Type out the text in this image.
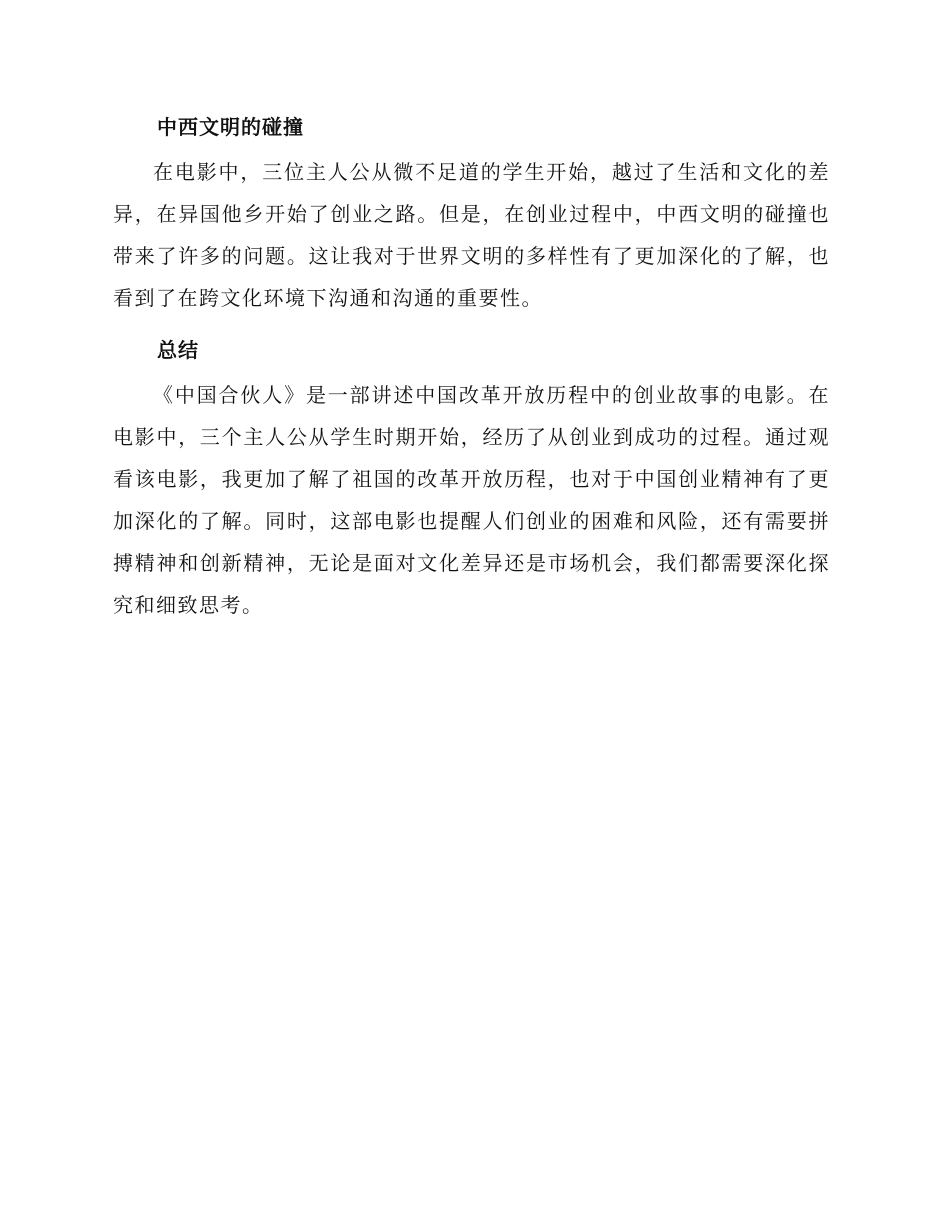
中西文明的碰撞

在电影中，三位主人公从微不足道的学生开始，越过了生活和文化的差异，在异国他乡开始了创业之路。但是，在创业过程中，中西文明的碰撞也带来了许多的问题。这让我对于世界文明的多样性有了更加深化的了解，也看到了在跨文化环境下沟通和沟通的重要性。

总结

《中国合伙人》是一部讲述中国改革开放历程中的创业故事的电影。在电影中，三个主人公从学生时期开始，经历了从创业到成功的过程。通过观看该电影，我更加了解了祖国的改革开放历程，也对于中国创业精神有了更加深化的了解。同时，这部电影也提醒人们创业的困难和风险，还有需要拼搏精神和创新精神，无论是面对文化差异还是市场机会，我们都需要深化探究和细致思考。
